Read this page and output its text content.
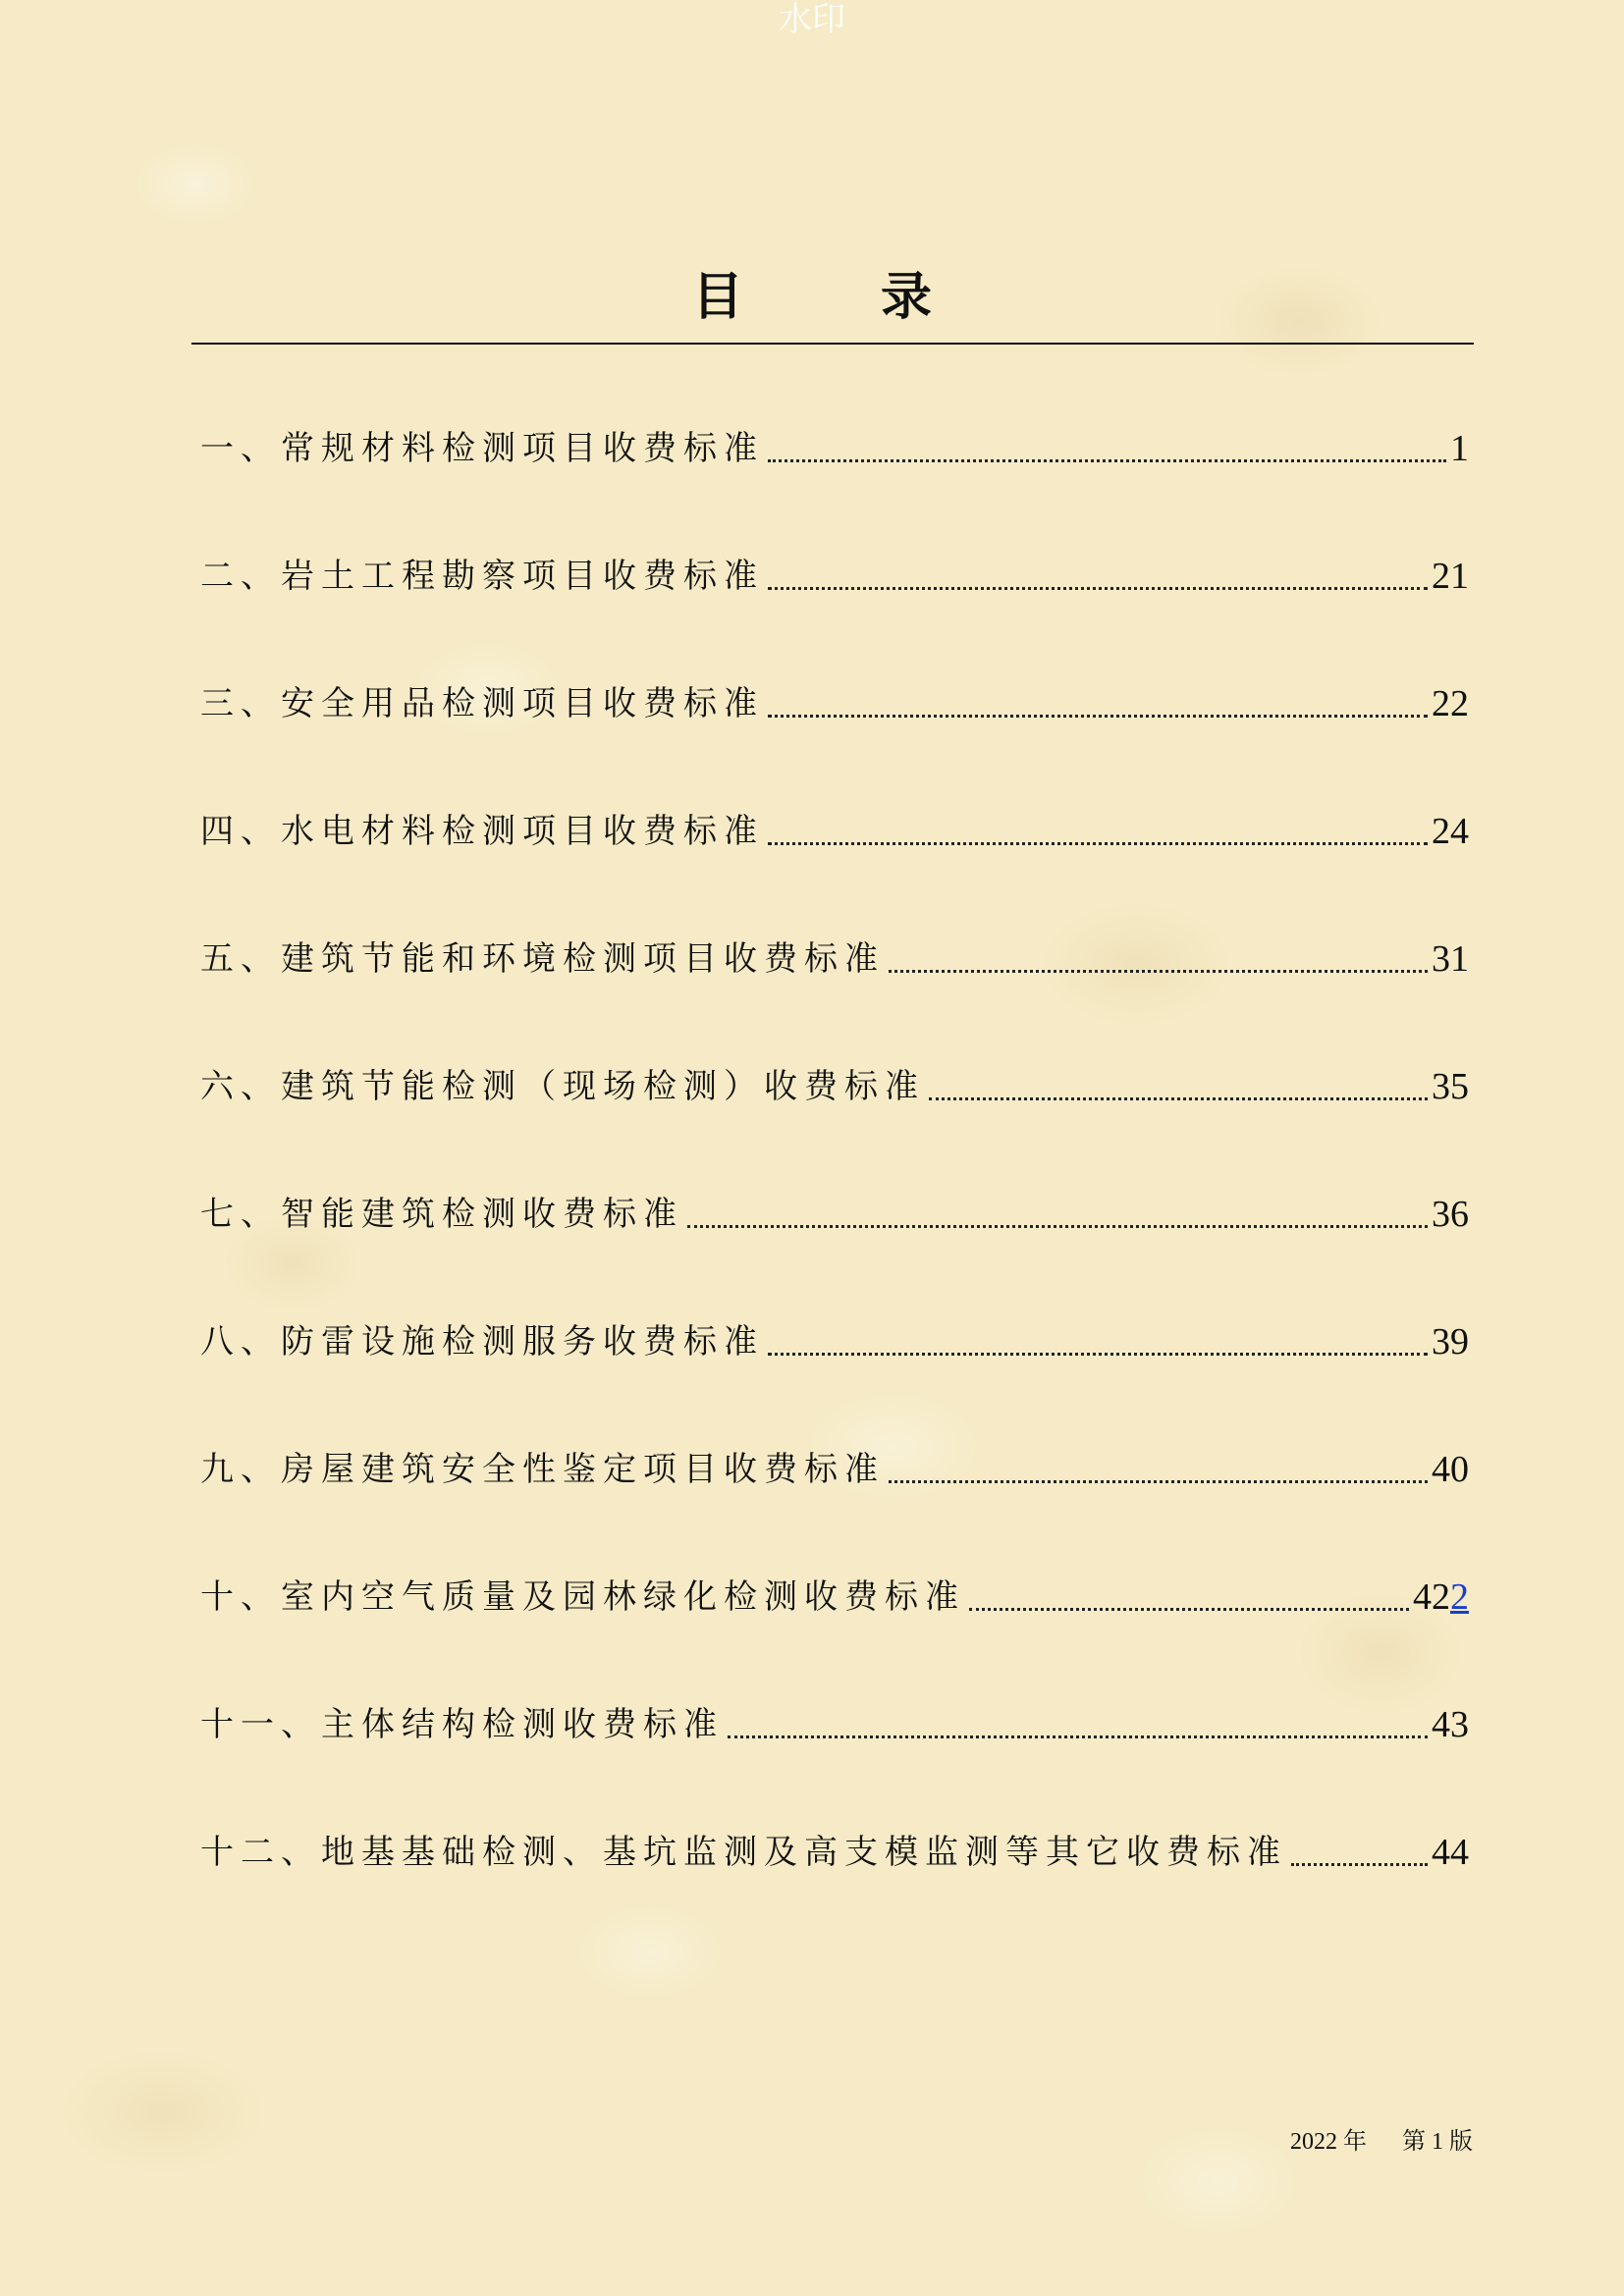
水印
目	录
一、常规材料检测项目收费标准	1
二、岩土工程勘察项目收费标准	21
三、安全用品检测项目收费标准	22
四、水电材料检测项目收费标准	24
五、建筑节能和环境检测项目收费标准	31
六、建筑节能检测（现场检测）收费标准	35
七、智能建筑检测收费标准	36
八、防雷设施检测服务收费标准	39
九、房屋建筑安全性鉴定项目收费标准	40
十、室内空气质量及园林绿化检测收费标准	422
十一、主体结构检测收费标准	43
十二、地基基础检测、基坑监测及高支模监测等其它收费标准	44
2022 年 第 1 版
